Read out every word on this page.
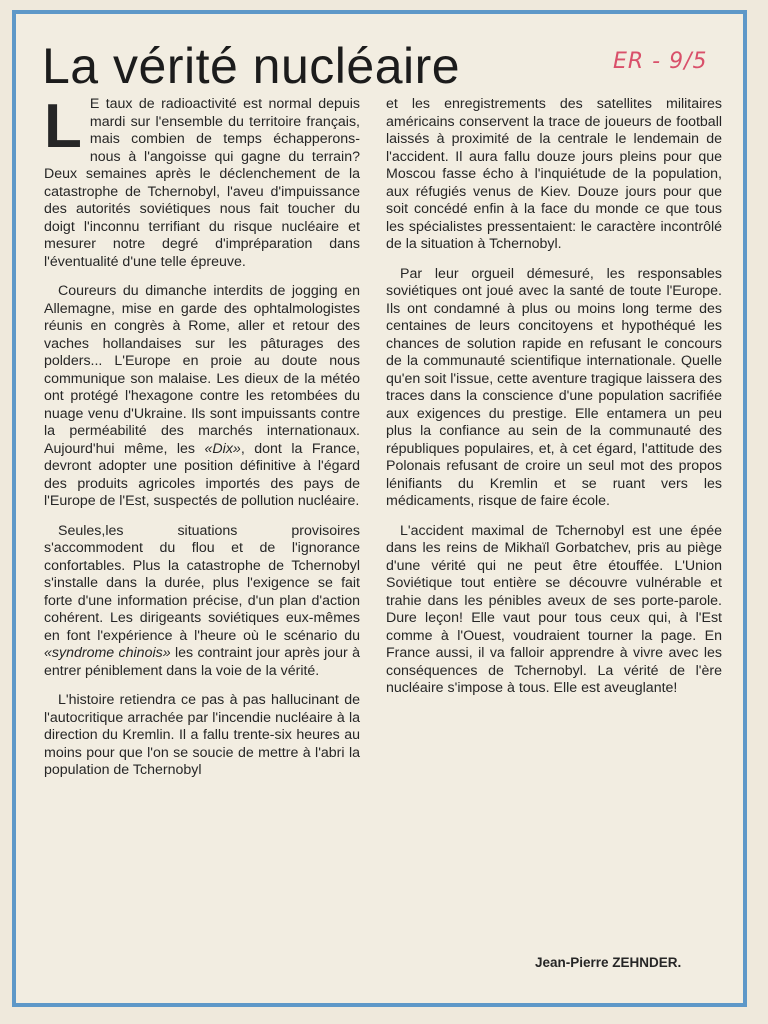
La vérité nucléaire	ER - 9/5

L E taux de radioactivité est normal depuis mardi sur l'ensemble du territoire français, mais combien de temps échapperons-nous à l'angoisse qui gagne du terrain? Deux semaines après le déclenchement de la catastrophe de Tchernobyl, l'aveu d'impuissance des autorités soviétiques nous fait toucher du doigt l'inconnu terrifiant du risque nucléaire et mesurer notre degré d'impréparation dans l'éventualité d'une telle épreuve.

Coureurs du dimanche interdits de jogging en Allemagne, mise en garde des ophtalmologistes réunis en congrès à Rome, aller et retour des vaches hollandaises sur les pâturages des polders... L'Europe en proie au doute nous communique son malaise. Les dieux de la météo ont protégé l'hexagone contre les retombées du nuage venu d'Ukraine. Ils sont impuissants contre la perméabilité des marchés internationaux. Aujourd'hui même, les «Dix», dont la France, devront adopter une position définitive à l'égard des produits agricoles importés des pays de l'Europe de l'Est, suspectés de pollution nucléaire.

Seules,les situations provisoires s'accommodent du flou et de l'ignorance confortables. Plus la catastrophe de Tchernobyl s'installe dans la durée, plus l'exigence se fait forte d'une information précise, d'un plan d'action cohérent. Les dirigeants soviétiques eux-mêmes en font l'expérience à l'heure où le scénario du «syndrome chinois» les contraint jour après jour à entrer péniblement dans la voie de la vérité.

L'histoire retiendra ce pas à pas hallucinant de l'autocritique arrachée par l'incendie nucléaire à la direction du Kremlin. Il a fallu trente-six heures au moins pour que l'on se soucie de mettre à l'abri la population de Tchernobyl

et les enregistrements des satellites militaires américains conservent la trace de joueurs de football laissés à proximité de la centrale le lendemain de l'accident. Il aura fallu douze jours pleins pour que Moscou fasse écho à l'inquiétude de la population, aux réfugiés venus de Kiev. Douze jours pour que soit concédé enfin à la face du monde ce que tous les spécialistes pressentaient: le caractère incontrôlé de la situation à Tchernobyl.

Par leur orgueil démesuré, les responsables soviétiques ont joué avec la santé de toute l'Europe. Ils ont condamné à plus ou moins long terme des centaines de leurs concitoyens et hypothéqué les chances de solution rapide en refusant le concours de la communauté scientifique internationale. Quelle qu'en soit l'issue, cette aventure tragique laissera des traces dans la conscience d'une population sacrifiée aux exigences du prestige. Elle entamera un peu plus la confiance au sein de la communauté des républiques populaires, et, à cet égard, l'attitude des Polonais refusant de croire un seul mot des propos lénifiants du Kremlin et se ruant vers les médicaments, risque de faire école.

L'accident maximal de Tchernobyl est une épée dans les reins de Mikhaïl Gorbatchev, pris au piège d'une vérité qui ne peut être étouffée. L'Union Soviétique tout entière se découvre vulnérable et trahie dans les pénibles aveux de ses porte-parole. Dure leçon! Elle vaut pour tous ceux qui, à l'Est comme à l'Ouest, voudraient tourner la page. En France aussi, il va falloir apprendre à vivre avec les conséquences de Tchernobyl. La vérité de l'ère nucléaire s'impose à tous. Elle est aveuglante!

Jean-Pierre ZEHNDER.
